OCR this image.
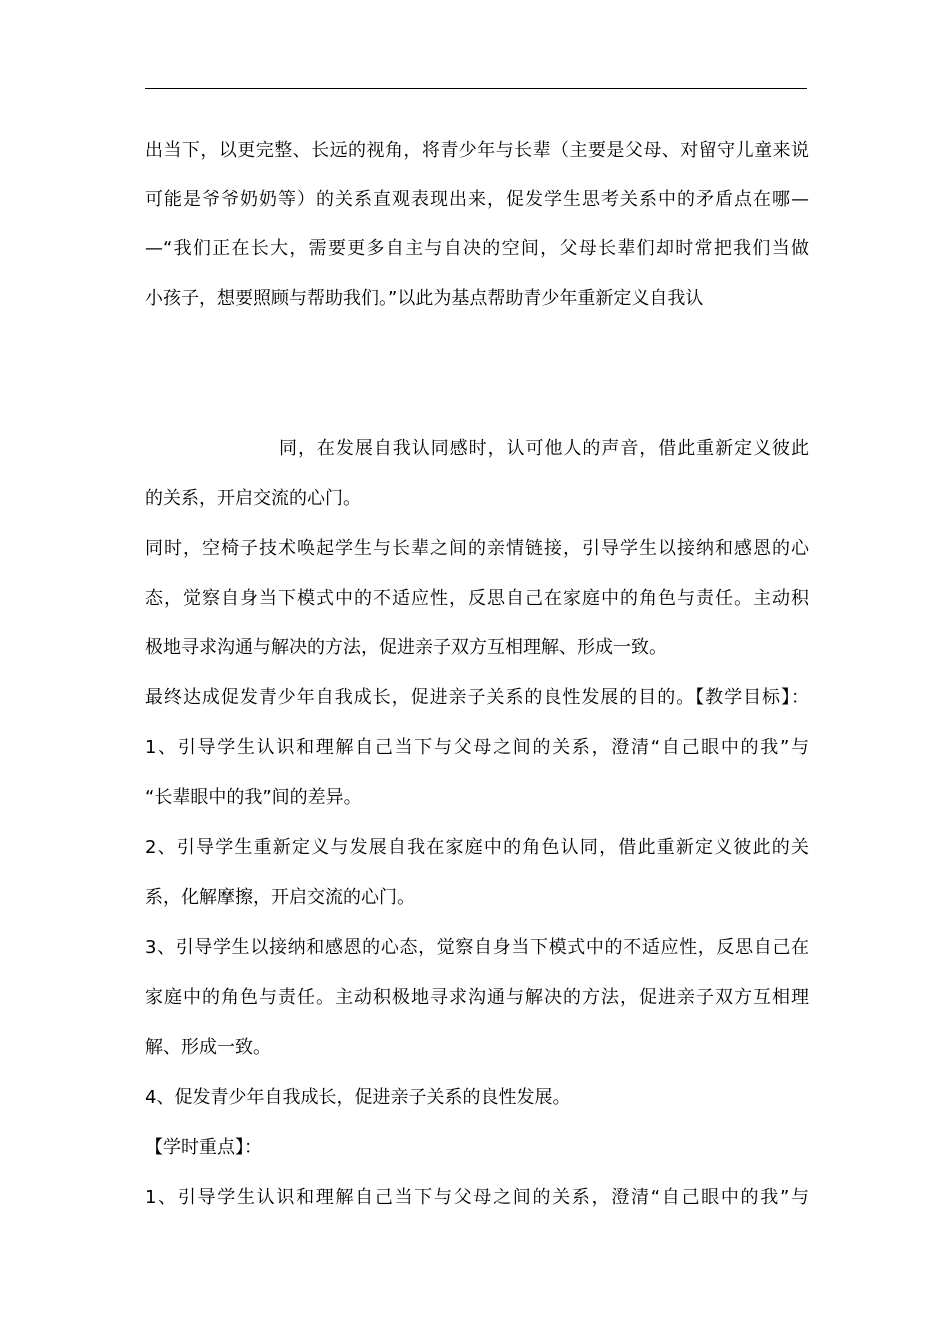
出当下，以更完整、长远的视角，将青少年与长辈（主要是父母、对留守儿童来说
可能是爷爷奶奶等）的关系直观表现出来，促发学生思考关系中的矛盾点在哪—
—“我们正在长大，需要更多自主与自决的空间，父母长辈们却时常把我们当做
小孩子，想要照顾与帮助我们。”以此为基点帮助青少年重新定义自我认
同，在发展自我认同感时，认可他人的声音，借此重新定义彼此
的关系，开启交流的心门。
同时，空椅子技术唤起学生与长辈之间的亲情链接，引导学生以接纳和感恩的心
态，觉察自身当下模式中的不适应性，反思自己在家庭中的角色与责任。主动积
极地寻求沟通与解决的方法，促进亲子双方互相理解、形成一致。
最终达成促发青少年自我成长，促进亲子关系的良性发展的目的。【教学目标】：
1、引导学生认识和理解自己当下与父母之间的关系，澄清“自己眼中的我”与
“长辈眼中的我”间的差异。
2、引导学生重新定义与发展自我在家庭中的角色认同，借此重新定义彼此的关
系，化解摩擦，开启交流的心门。
3、引导学生以接纳和感恩的心态，觉察自身当下模式中的不适应性，反思自己在
家庭中的角色与责任。主动积极地寻求沟通与解决的方法，促进亲子双方互相理
解、形成一致。
4、促发青少年自我成长，促进亲子关系的良性发展。
【学时重点】：
1、引导学生认识和理解自己当下与父母之间的关系，澄清“自己眼中的我”与
